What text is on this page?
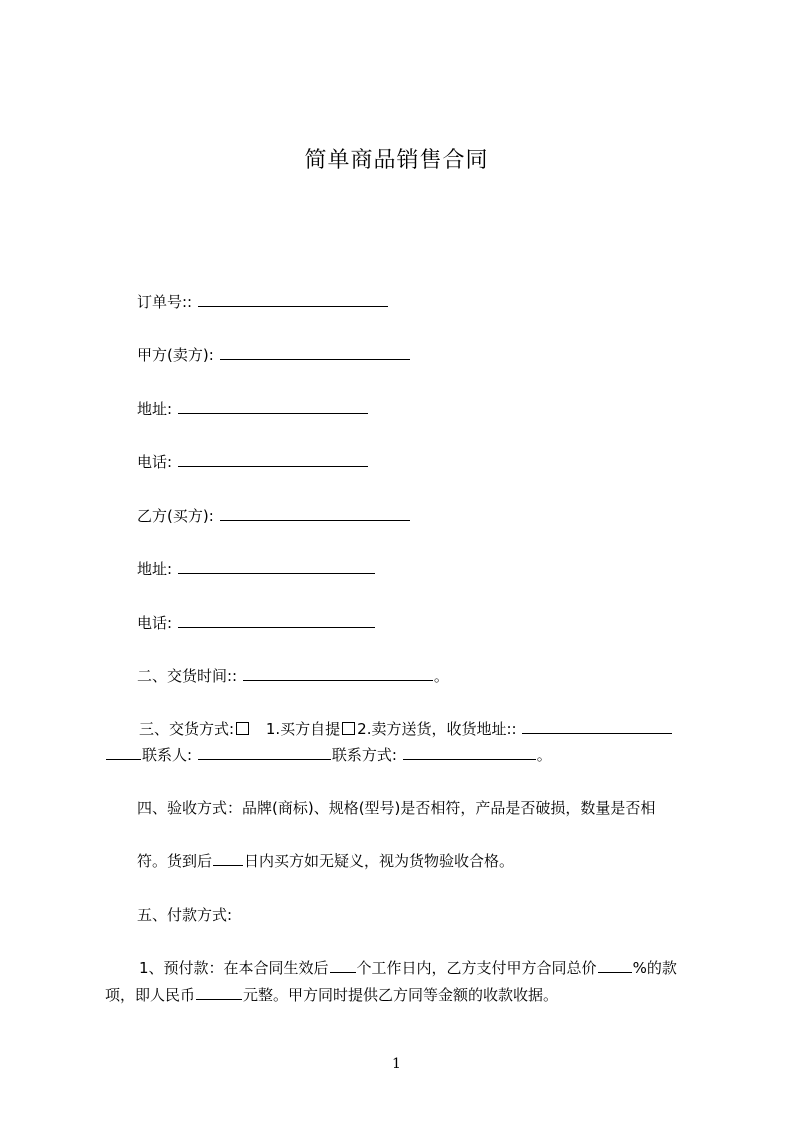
简单商品销售合同
订单号::
甲方(卖方):
地址:
电话:
乙方(买方):
地址:
电话:
二、交货时间::	。
三、交货方式: 1.买方自提 2.卖方送货，收货地址::
联系人:	联系方式:	。
四、验收方式：品牌(商标)、规格(型号)是否相符，产品是否破损，数量是否相
符。货到后 日内买方如无疑义，视为货物验收合格。
五、付款方式:
1、预付款：在本合同生效后 个工作日内，乙方支付甲方合同总价 %的款
项，即人民币	元整。甲方同时提供乙方同等金额的收款收据。
1
